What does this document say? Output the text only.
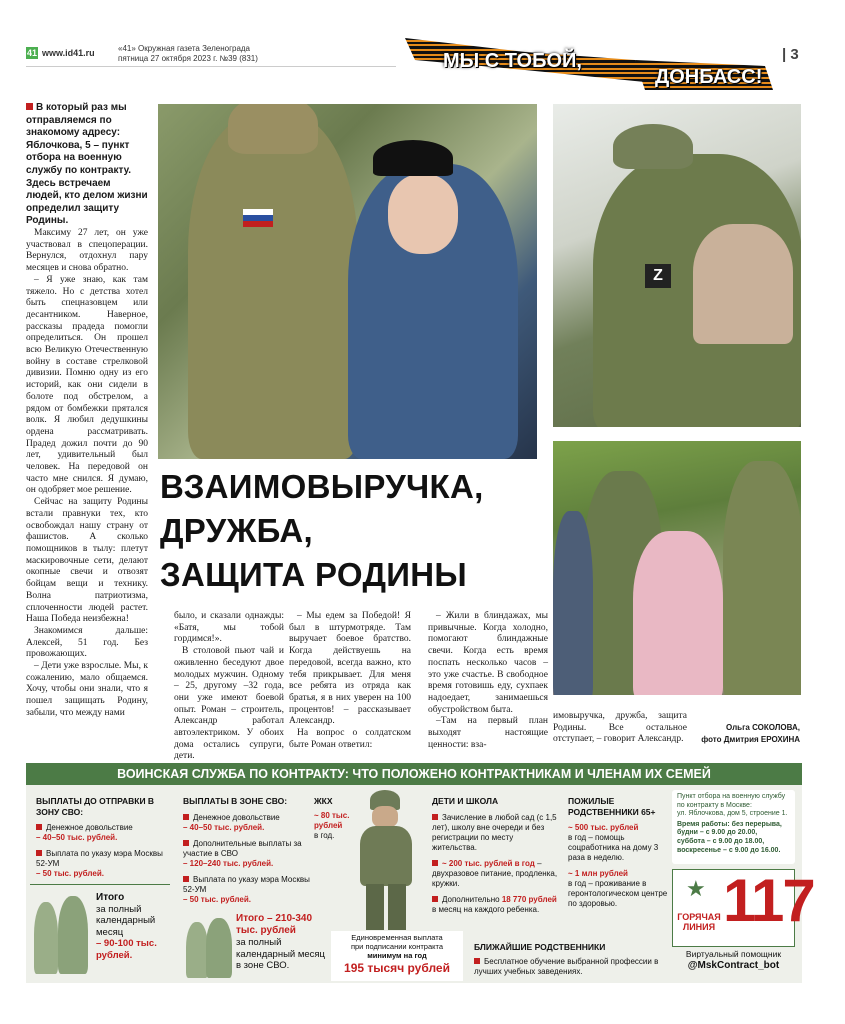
41 www.id41.ru	«41» Окружная газета Зеленограда
пятница 27 октября 2023 г. №39 (831)	МЫ С ТОБОЙ,
ДОНБАСС!
| 3
В который раз мы отправляемся по знакомому адресу: Яблочкова, 5 – пункт отбора на военную службу по контракту. Здесь встречаем людей, кто делом жизни определил защиту Родины.

Максиму 27 лет, он уже участвовал в спецоперации. Вернулся, отдохнул пару месяцев и снова обратно.

– Я уже знаю, как там тяжело. Но с детства хотел быть спецназовцем или десантником. Наверное, рассказы прадеда помогли определиться. Он прошел всю Великую Отечественную войну в составе стрелковой дивизии. Помню одну из его историй, как они сидели в болоте под обстрелом, а рядом от бомбежки прятался волк. Я любил дедушкины ордена рассматривать. Прадед дожил почти до 90 лет, удивительный был человек. На передовой он часто мне снился. Я думаю, он одобряет мое решение.

Сейчас на защиту Родины встали правнуки тех, кто освобождал нашу страну от фашистов. А сколько помощников в тылу: плетут маскировочные сети, делают окопные свечи и отвозят бойцам вещи и технику. Волна патриотизма, сплоченности людей растет. Наша Победа неизбежна!

Знакомимся дальше: Алексей, 51 год. Без провожающих.

– Дети уже взрослые. Мы, к сожалению, мало общаемся. Хочу, чтобы они знали, что я пошел защищать Родину, забыли, что между нами

Z
ВЗАИМОВЫРУЧКА,
ДРУЖБА,
ЗАЩИТА РОДИНЫ

было, и сказали однажды: «Батя, мы тобой гордимся!».

В столовой пьют чай и оживленно беседуют двое молодых мужчин. Одному – 25, другому –32 года, они уже имеют боевой опыт. Роман – строитель, Александр работал автоэлектриком. У обоих дома остались супруги, дети.

– Мы едем за Победой! Я был в штурмотряде. Там выручает боевое братство. Когда действуешь на передовой, всегда важно, кто тебя прикрывает. Для меня все ребята из отряда как братья, я в них уверен на 100 процентов! – рассказывает Александр.

На вопрос о солдатском быте Роман ответил:

– Жили в блиндажах, мы привычные. Когда холодно, помогают блиндажные свечи. Когда есть время поспать несколько часов – это уже счастье. В свободное время готовишь еду, сухпаек надоедает, занимаешься обустройством быта.

–Там на первый план выходят настоящие ценности: вза-

имовыручка, дружба, защита Родины. Все остальное отступает, – говорит Александр.

Ольга СОКОЛОВА,
фото Дмитрия ЕРОХИНА
ВОИНСКАЯ СЛУЖБА ПО КОНТРАКТУ: ЧТО ПОЛОЖЕНО КОНТРАКТНИКАМ И ЧЛЕНАМ ИХ СЕМЕЙ
ВЫПЛАТЫ ДО ОТПРАВКИ В ЗОНУ СВО:
Денежное довольствие
– 40–50 тыс. рублей.
Выплата по указу мэра Москвы 52-УМ
– 50 тыс. рублей.
Итого
за полный календарный месяц
– 90-100 тыс. рублей.
ВЫПЛАТЫ В ЗОНЕ СВО:
Денежное довольствие
– 40–50 тыс. рублей.
Дополнительные выплаты за участие в СВО
– 120–240 тыс. рублей.
Выплата по указу мэра Москвы 52-УМ
– 50 тыс. рублей.
Итого – 210-340 тыс. рублей
за полный календарный месяц в зоне СВО.
ЖКХ
~ 80 тыс. рублей
в год.
Единовременная выплата
при подписании контракта
минимум на год
195 тысяч рублей
ДЕТИ И ШКОЛА
Зачисление в любой сад (с 1,5 лет), школу вне очереди и без регистрации по месту жительства.
~ 200 тыс. рублей в год – двухразовое питание, продленка, кружки.
Дополнительно 18 770 рублей в месяц на каждого ребенка.
ПОЖИЛЫЕ РОДСТВЕННИКИ 65+
~ 500 тыс. рублей
в год – помощь соцработника на дому 3 раза в неделю.
~ 1 млн рублей
в год – проживание в геронтологическом центре по здоровью.
БЛИЖАЙШИЕ РОДСТВЕННИКИ
Бесплатное обучение выбранной профессии в лучших учебных заведениях.
Пункт отбора на военную службу по контракту в Москве:
ул. Яблочкова, дом 5, строение 1.
Время работы: без перерыва,
будни – с 9.00 до 20.00,
суббота – с 9.00 до 18.00,
воскресенье – с 9.00 до 16.00.
★
ГОРЯЧАЯ ЛИНИЯ 117
Виртуальный помощник
@MskContract_bot
